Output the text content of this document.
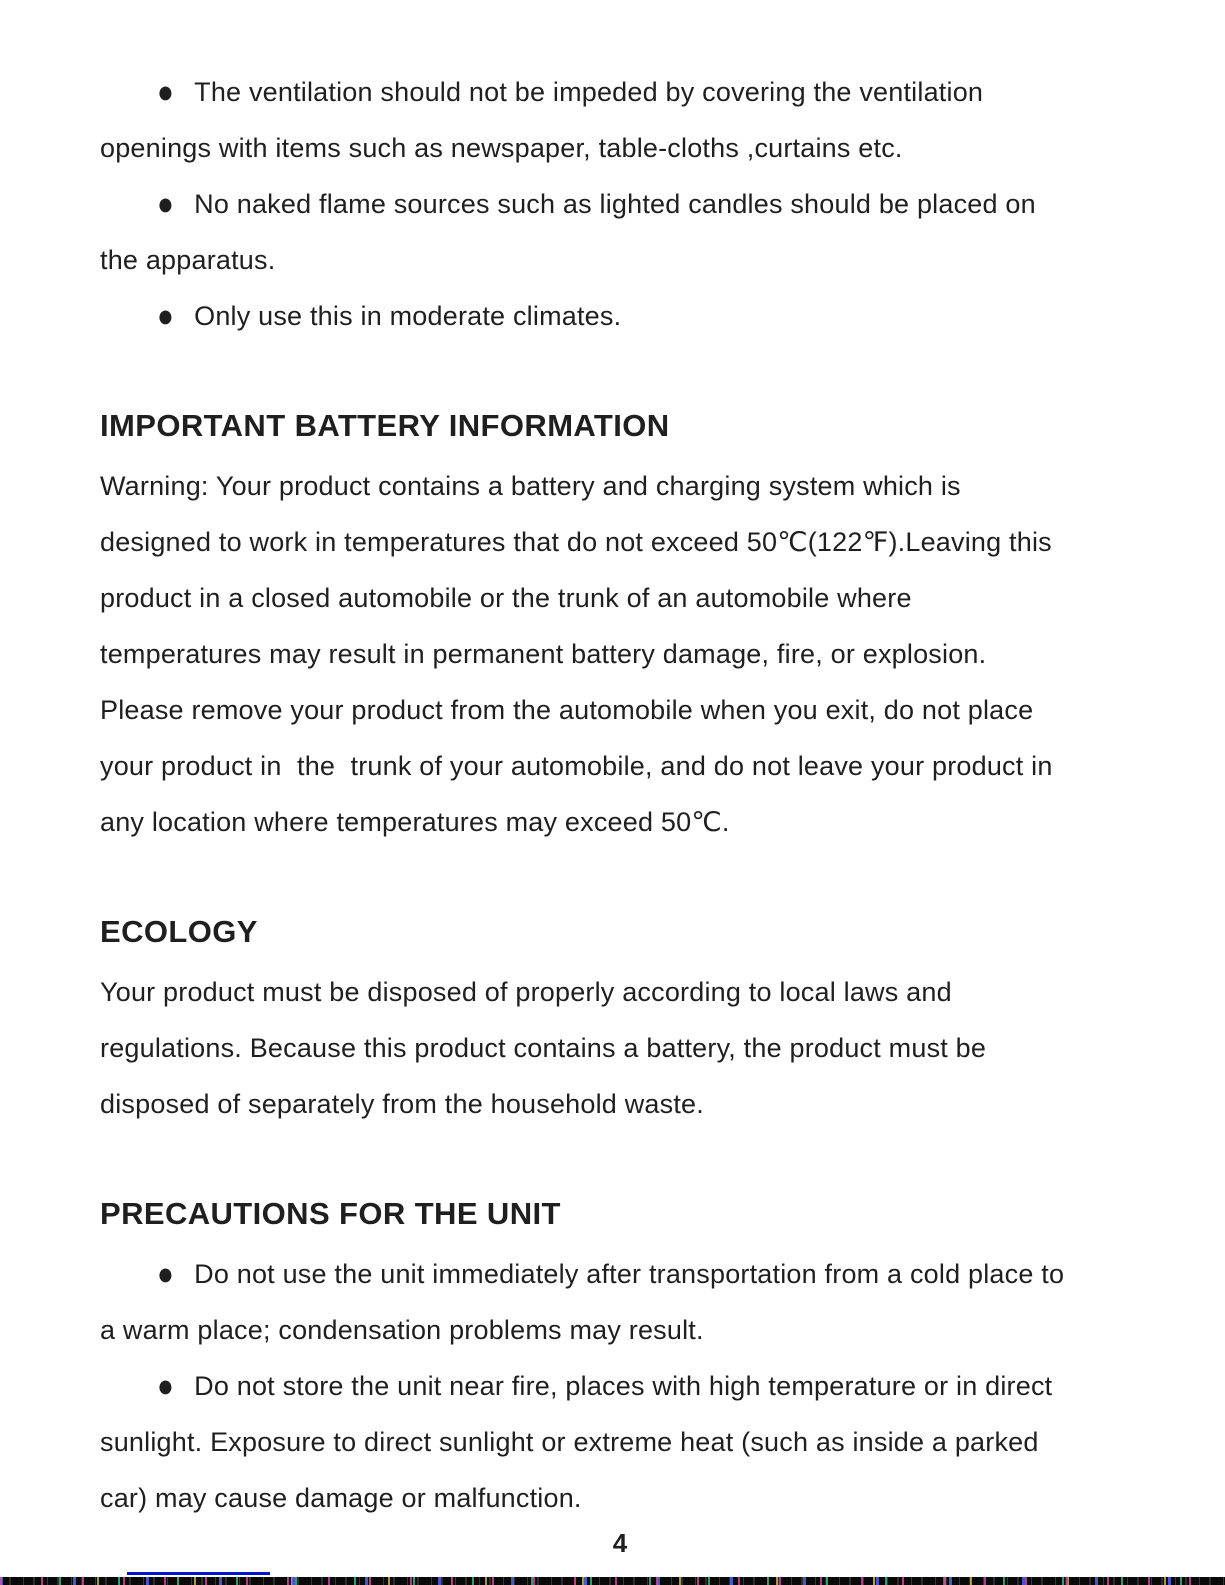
● The ventilation should not be impeded by covering the ventilation
openings with items such as newspaper, table-cloths ,curtains etc.
● No naked flame sources such as lighted candles should be placed on
the apparatus.
● Only use this in moderate climates.
IMPORTANT BATTERY INFORMATION
Warning: Your product contains a battery and charging system which is
designed to work in temperatures that do not exceed 50℃(122℉).Leaving this
product in a closed automobile or the trunk of an automobile where
temperatures may result in permanent battery damage, fire, or explosion.
Please remove your product from the automobile when you exit, do not place
your product in  the  trunk of your automobile, and do not leave your product in
any location where temperatures may exceed 50℃.
ECOLOGY
Your product must be disposed of properly according to local laws and
regulations. Because this product contains a battery, the product must be
disposed of separately from the household waste.
PRECAUTIONS FOR THE UNIT
● Do not use the unit immediately after transportation from a cold place to
a warm place; condensation problems may result.
● Do not store the unit near fire, places with high temperature or in direct
sunlight. Exposure to direct sunlight or extreme heat (such as inside a parked
car) may cause damage or malfunction.
4
